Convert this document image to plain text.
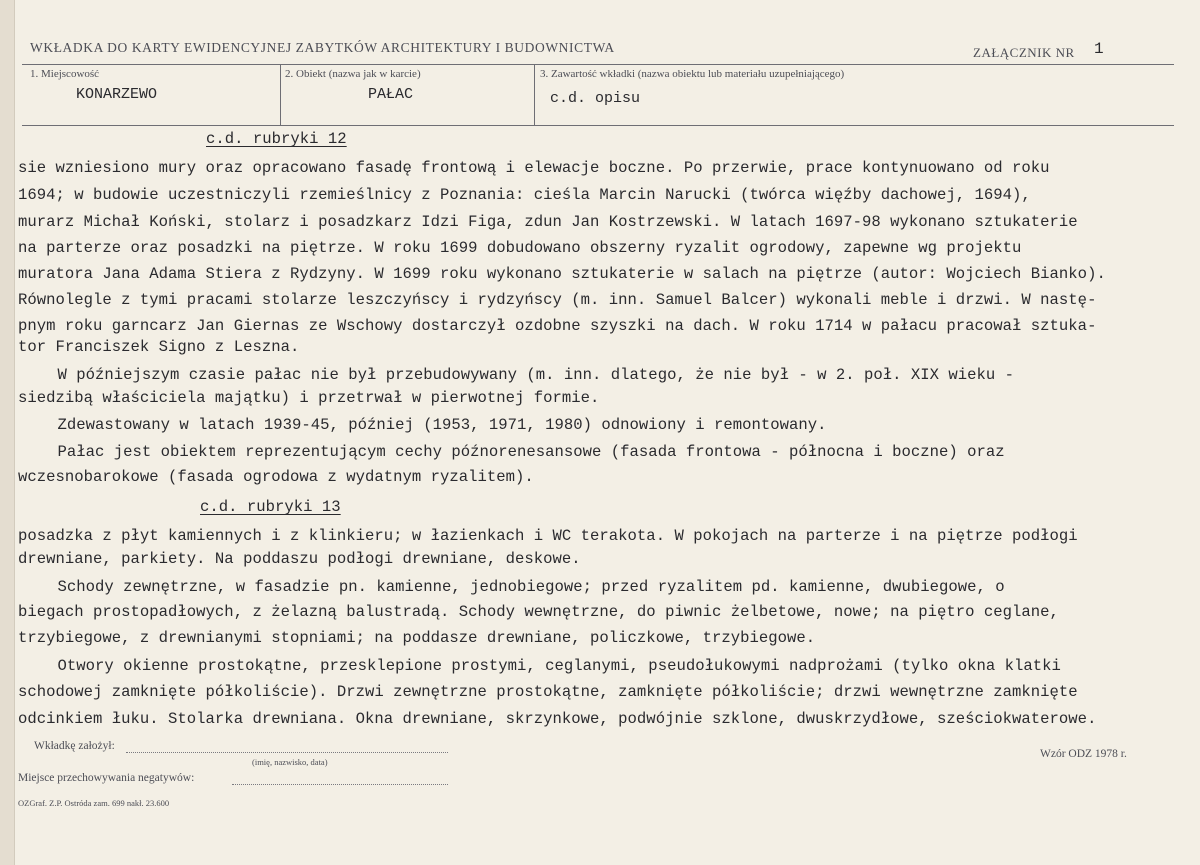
WKŁADKA DO KARTY EWIDENCYJNEJ ZABYTKÓW ARCHITEKTURY I BUDOWNICTWA	ZAŁĄCZNIK NR 1
1. Miejscowość
KONARZEWO
2. Obiekt (nazwa jak w karcie)
PAŁAC
3. Zawartość wkładki (nazwa obiektu lub materiału uzupełniającego)
c.d. opisu
c.d. rubryki 12
sie wzniesiono mury oraz opracowano fasadę frontową i elewacje boczne. Po przerwie, prace kontynuowano od roku
1694; w budowie uczestniczyli rzemieślnicy z Poznania: cieśla Marcin Narucki (twórca więźby dachowej, 1694),
murarz Michał Koński, stolarz i posadzkarz Idzi Figa, zdun Jan Kostrzewski. W latach 1697-98 wykonano sztukaterie
na parterze oraz posadzki na piętrze. W roku 1699 dobudowano obszerny ryzalit ogrodowy, zapewne wg projektu
muratora Jana Adama Stiera z Rydzyny. W 1699 roku wykonano sztukaterie w salach na piętrze (autor: Wojciech Bianko).
Równolegle z tymi pracami stolarze leszczyńscy i rydzyńscy (m. inn. Samuel Balcer) wykonali meble i drzwi. W nastę-
pnym roku garncarz Jan Giernas ze Wschowy dostarczył ozdobne szyszki na dach. W roku 1714 w pałacu pracował sztuka-
tor Franciszek Signo z Leszna.
W późniejszym czasie pałac nie był przebudowywany (m. inn. dlatego, że nie był - w 2. poł. XIX wieku -
siedzibą właściciela majątku) i przetrwał w pierwotnej formie.
Zdewastowany w latach 1939-45, później (1953, 1971, 1980) odnowiony i remontowany.
Pałac jest obiektem reprezentującym cechy późnorenesansowe (fasada frontowa - północna i boczne) oraz
wczesnobarokowe (fasada ogrodowa z wydatnym ryzalitem).
c.d. rubryki 13
posadzka z płyt kamiennych i z klinkieru; w łazienkach i WC terakota. W pokojach na parterze i na piętrze podłogi
drewniane, parkiety. Na poddaszu podłogi drewniane, deskowe.
Schody zewnętrzne, w fasadzie pn. kamienne, jednobiegowe; przed ryzalitem pd. kamienne, dwubiegowe, o
biegach prostopadłowych, z żelazną balustradą. Schody wewnętrzne, do piwnic żelbetowe, nowe; na piętro ceglane,
trzybiegowe, z drewnianymi stopniami; na poddasze drewniane, policzkowe, trzybiegowe.
Otwory okienne prostokątne, przesklepione prostymi, ceglanymi, pseudołukowymi nadprożami (tylko okna klatki
schodowej zamknięte półkoliście). Drzwi zewnętrzne prostokątne, zamknięte półkoliście; drzwi wewnętrzne zamknięte
odcinkiem łuku. Stolarka drewniana. Okna drewniane, skrzynkowe, podwójnie szklone, dwuskrzydłowe, sześciokwaterowe.
Wkładkę założył:
(imię, nazwisko, data)
Wzór ODZ 1978 r.
Miejsce przechowywania negatywów:
OZGraf. Z.P. Ostróda zam. 699 nakł. 23.600
